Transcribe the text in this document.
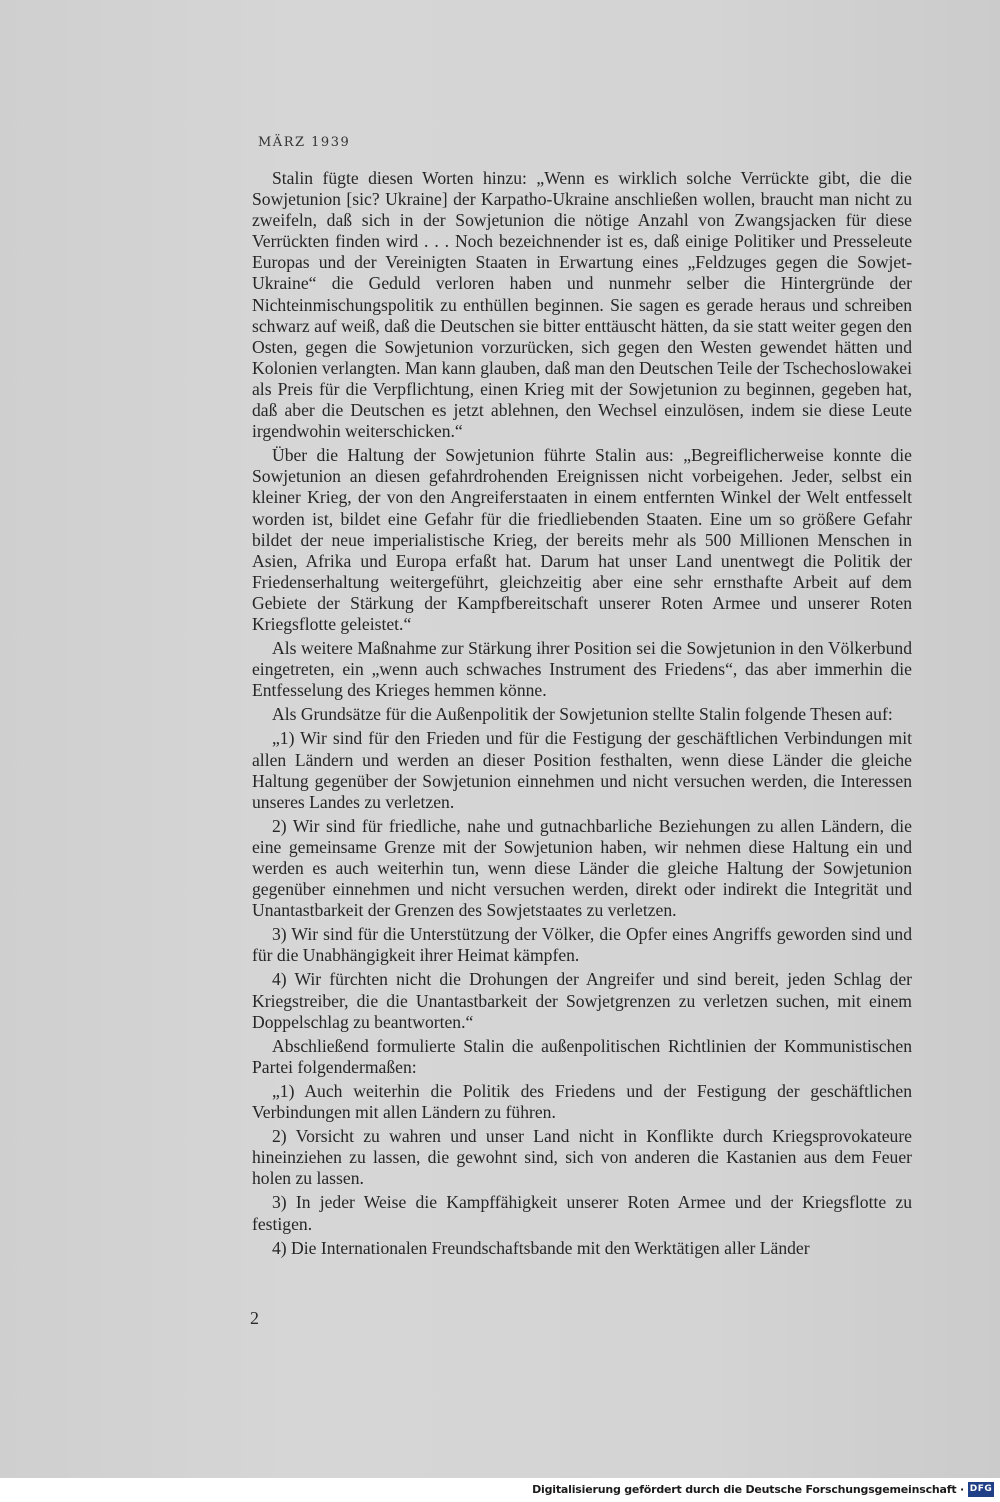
MÄRZ 1939

Stalin fügte diesen Worten hinzu: „Wenn es wirklich solche Verrückte gibt, die die Sowjetunion [sic? Ukraine] der Karpatho-Ukraine anschließen wollen, braucht man nicht zu zweifeln, daß sich in der Sowjetunion die nötige Anzahl von Zwangsjacken für diese Verrückten finden wird . . . Noch bezeichnender ist es, daß einige Politiker und Presseleute Europas und der Vereinigten Staaten in Erwartung eines „Feldzuges gegen die Sowjet-Ukraine“ die Geduld verloren haben und nunmehr selber die Hintergründe der Nichteinmischungspolitik zu enthüllen beginnen. Sie sagen es gerade heraus und schreiben schwarz auf weiß, daß die Deutschen sie bitter enttäuscht hätten, da sie statt weiter gegen den Osten, gegen die Sowjetunion vorzurücken, sich gegen den Westen gewendet hätten und Kolonien verlangten. Man kann glauben, daß man den Deutschen Teile der Tschechoslowakei als Preis für die Verpflichtung, einen Krieg mit der Sowjetunion zu beginnen, gegeben hat, daß aber die Deutschen es jetzt ablehnen, den Wechsel einzulösen, indem sie diese Leute irgendwohin weiterschicken.“

Über die Haltung der Sowjetunion führte Stalin aus: „Begreiflicherweise konnte die Sowjetunion an diesen gefahrdrohenden Ereignissen nicht vorbeigehen. Jeder, selbst ein kleiner Krieg, der von den Angreiferstaaten in einem entfernten Winkel der Welt entfesselt worden ist, bildet eine Gefahr für die friedliebenden Staaten. Eine um so größere Gefahr bildet der neue imperialistische Krieg, der bereits mehr als 500 Millionen Menschen in Asien, Afrika und Europa erfaßt hat. Darum hat unser Land unentwegt die Politik der Friedenserhaltung weitergeführt, gleichzeitig aber eine sehr ernsthafte Arbeit auf dem Gebiete der Stärkung der Kampfbereitschaft unserer Roten Armee und unserer Roten Kriegsflotte geleistet.“

Als weitere Maßnahme zur Stärkung ihrer Position sei die Sowjetunion in den Völkerbund eingetreten, ein „wenn auch schwaches Instrument des Friedens“, das aber immerhin die Entfesselung des Krieges hemmen könne.

Als Grundsätze für die Außenpolitik der Sowjetunion stellte Stalin folgende Thesen auf:

„1) Wir sind für den Frieden und für die Festigung der geschäftlichen Verbindungen mit allen Ländern und werden an dieser Position festhalten, wenn diese Länder die gleiche Haltung gegenüber der Sowjetunion einnehmen und nicht versuchen werden, die Interessen unseres Landes zu verletzen.

2) Wir sind für friedliche, nahe und gutnachbarliche Beziehungen zu allen Ländern, die eine gemeinsame Grenze mit der Sowjetunion haben, wir nehmen diese Haltung ein und werden es auch weiterhin tun, wenn diese Länder die gleiche Haltung der Sowjetunion gegenüber einnehmen und nicht versuchen werden, direkt oder indirekt die Integrität und Unantastbarkeit der Grenzen des Sowjetstaates zu verletzen.

3) Wir sind für die Unterstützung der Völker, die Opfer eines Angriffs geworden sind und für die Unabhängigkeit ihrer Heimat kämpfen.

4) Wir fürchten nicht die Drohungen der Angreifer und sind bereit, jeden Schlag der Kriegstreiber, die die Unantastbarkeit der Sowjetgrenzen zu verletzen suchen, mit einem Doppelschlag zu beantworten.“

Abschließend formulierte Stalin die außenpolitischen Richtlinien der Kommunistischen Partei folgendermaßen:

„1) Auch weiterhin die Politik des Friedens und der Festigung der geschäftlichen Verbindungen mit allen Ländern zu führen.

2) Vorsicht zu wahren und unser Land nicht in Konflikte durch Kriegsprovokateure hineinziehen zu lassen, die gewohnt sind, sich von anderen die Kastanien aus dem Feuer holen zu lassen.

3) In jeder Weise die Kampffähigkeit unserer Roten Armee und der Kriegsflotte zu festigen.

4) Die Internationalen Freundschaftsbande mit den Werktätigen aller Länder

2
Digitalisierung gefördert durch die Deutsche Forschungsgemeinschaft · DFG
